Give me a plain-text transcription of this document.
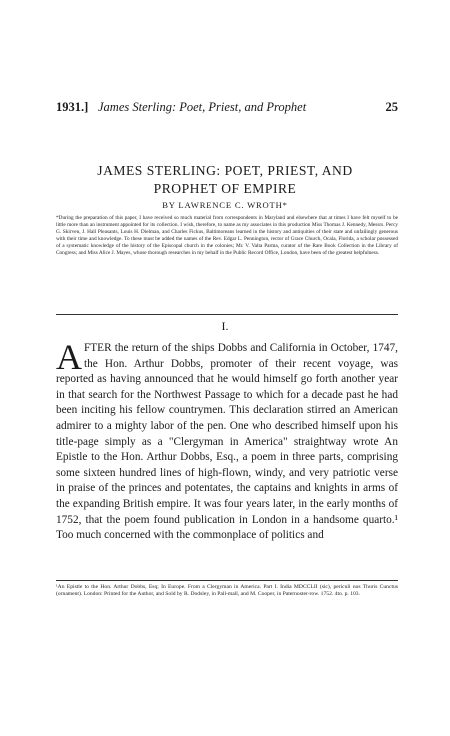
1931.] James Sterling: Poet, Priest, and Prophet	25
JAMES STERLING: POET, PRIEST, AND
PROPHET OF EMPIRE
BY LAWRENCE C. WROTH*
*During the preparation of this paper, I have received so much material from correspondents in Maryland and elsewhere that at times I have felt myself to be little more than an instrument appointed for its collection. I wish, therefore, to name as my associates in this production Miss Thomas J. Kennedy, Messrs. Percy G. Skirven, J. Hall Pleasants, Louis H. Dielman, and Charles Fickus, Baltimoreans learned in the history and antiquities of their state and unfailingly generous with their time and knowledge. To these must be added the names of the Rev. Edgar L. Pennington, rector of Grace Church, Ocala, Florida, a scholar possessed of a systematic knowledge of the history of the Episcopal church in the colonies; Mr. V. Valta Parma, curator of the Rare Book Collection in the Library of Congress; and Miss Alice J. Mayes, whose thorough researches in my behalf in the Public Record Office, London, have been of the greatest helpfulness.
I.

AFTER the return of the ships Dobbs and California in October, 1747, the Hon. Arthur Dobbs, promoter of their recent voyage, was reported as having announced that he would himself go forth another year in that search for the Northwest Passage to which for a decade past he had been inciting his fellow countrymen. This declaration stirred an American admirer to a mighty labor of the pen. One who described himself upon his title-page simply as a "Clergyman in America" straightway wrote An Epistle to the Hon. Arthur Dobbs, Esq., a poem in three parts, comprising some sixteen hundred lines of high-flown, windy, and very patriotic verse in praise of the princes and potentates, the captains and knights in arms of the expanding British empire. It was four years later, in the early months of 1752, that the poem found publication in London in a handsome quarto.¹ Too much concerned with the commonplace of politics and

¹An Epistle to the Hon. Arthur Dobbs, Esq; In Europe. From a Clergyman in America. Part I. India MDCCLII (sic), periculi nos Thuris Cunctus (ornament). London: Printed for the Author, and Sold by R. Dodsley, in Pall-mall, and M. Cooper, in Paternoster-row. 1752. 4to. p. 103.
